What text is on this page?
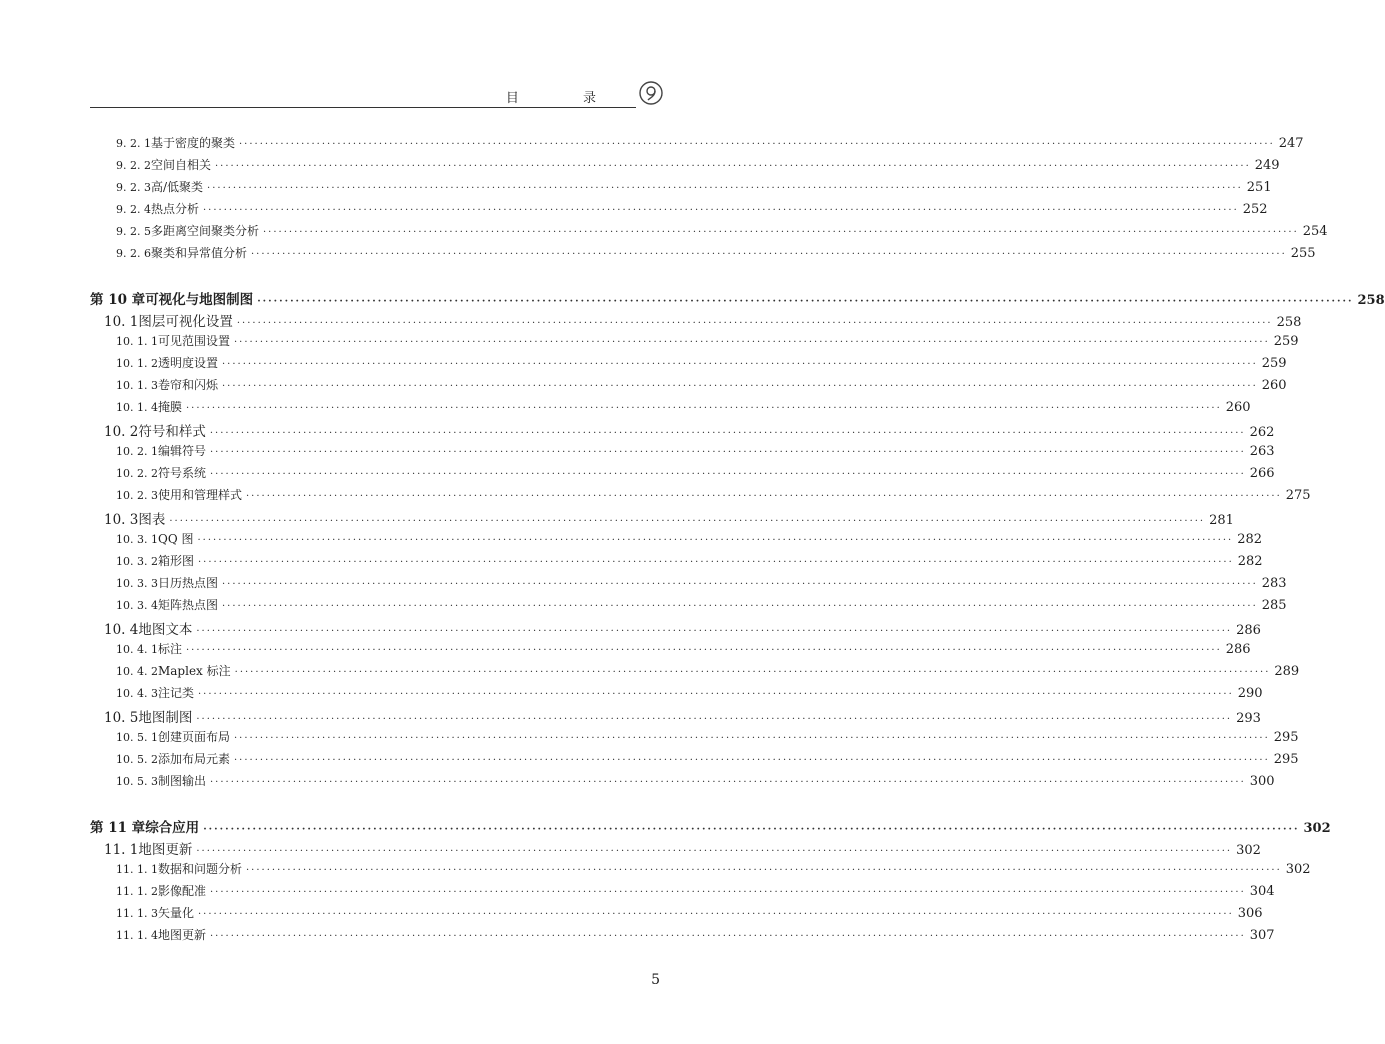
目 录
9. 2. 1 基于密度的聚类 ········································································································································································································ 247
9. 2. 2 空间自相关 ········································································································································································································ 249
9. 2. 3 高/低聚类 ········································································································································································································ 251
9. 2. 4 热点分析 ········································································································································································································ 252
9. 2. 5 多距离空间聚类分析 ········································································································································································································ 254
9. 2. 6 聚类和异常值分析 ········································································································································································································ 255
第 10 章 可视化与地图制图 ········································································································································································································ 258
10. 1 图层可视化设置 ········································································································································································································ 258
10. 1. 1 可见范围设置 ········································································································································································································ 259
10. 1. 2 透明度设置 ········································································································································································································ 259
10. 1. 3 卷帘和闪烁 ········································································································································································································ 260
10. 1. 4 掩膜 ········································································································································································································ 260
10. 2 符号和样式 ········································································································································································································ 262
10. 2. 1 编辑符号 ········································································································································································································ 263
10. 2. 2 符号系统 ········································································································································································································ 266
10. 2. 3 使用和管理样式 ········································································································································································································ 275
10. 3 图表 ········································································································································································································ 281
10. 3. 1 QQ 图 ········································································································································································································ 282
10. 3. 2 箱形图 ········································································································································································································ 282
10. 3. 3 日历热点图 ········································································································································································································ 283
10. 3. 4 矩阵热点图 ········································································································································································································ 285
10. 4 地图文本 ········································································································································································································ 286
10. 4. 1 标注 ········································································································································································································ 286
10. 4. 2 Maplex 标注 ········································································································································································································ 289
10. 4. 3 注记类 ········································································································································································································ 290
10. 5 地图制图 ········································································································································································································ 293
10. 5. 1 创建页面布局 ········································································································································································································ 295
10. 5. 2 添加布局元素 ········································································································································································································ 295
10. 5. 3 制图输出 ········································································································································································································ 300
第 11 章 综合应用 ········································································································································································································ 302
11. 1 地图更新 ········································································································································································································ 302
11. 1. 1 数据和问题分析 ········································································································································································································ 302
11. 1. 2 影像配准 ········································································································································································································ 304
11. 1. 3 矢量化 ········································································································································································································ 306
11. 1. 4 地图更新 ········································································································································································································ 307
5
